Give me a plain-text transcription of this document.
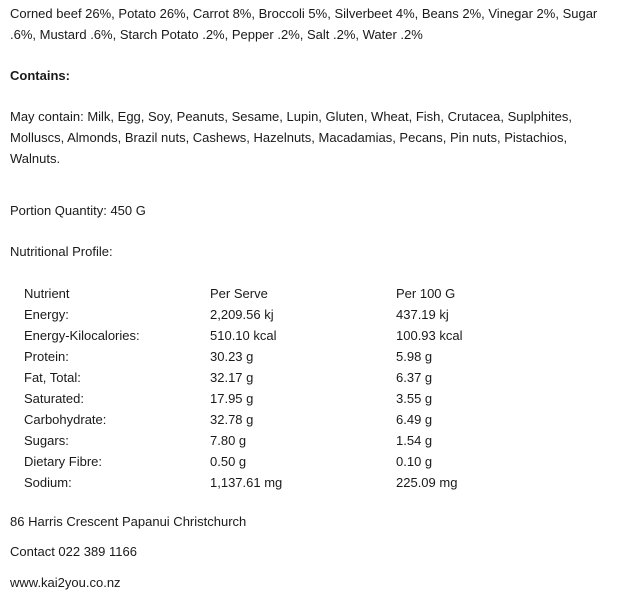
Corned beef 26%, Potato 26%, Carrot 8%, Broccoli 5%, Silverbeet 4%, Beans 2%, Vinegar 2%, Sugar

.6%, Mustard .6%, Starch Potato .2%, Pepper .2%, Salt .2%, Water .2%

Contains:

May contain: Milk, Egg, Soy, Peanuts, Sesame, Lupin, Gluten, Wheat, Fish, Crutacea, Suplphites,

Molluscs, Almonds, Brazil nuts, Cashews, Hazelnuts, Macadamias, Pecans, Pin nuts, Pistachios,

Walnuts.

Portion Quantity: 450 G

Nutritional Profile:

Nutrient	Per Serve	Per 100 G
Energy:	2,209.56 kj	437.19 kj
Energy-Kilocalories:	510.10 kcal	100.93 kcal
Protein:	30.23 g	5.98 g
Fat, Total:	32.17 g	6.37 g
Saturated:	17.95 g	3.55 g
Carbohydrate:	32.78 g	6.49 g
Sugars:	7.80 g	1.54 g
Dietary Fibre:	0.50 g	0.10 g
Sodium:	1,137.61 mg	225.09 mg

86 Harris Crescent Papanui Christchurch

Contact 022 389 1166

www.kai2you.co.nz
